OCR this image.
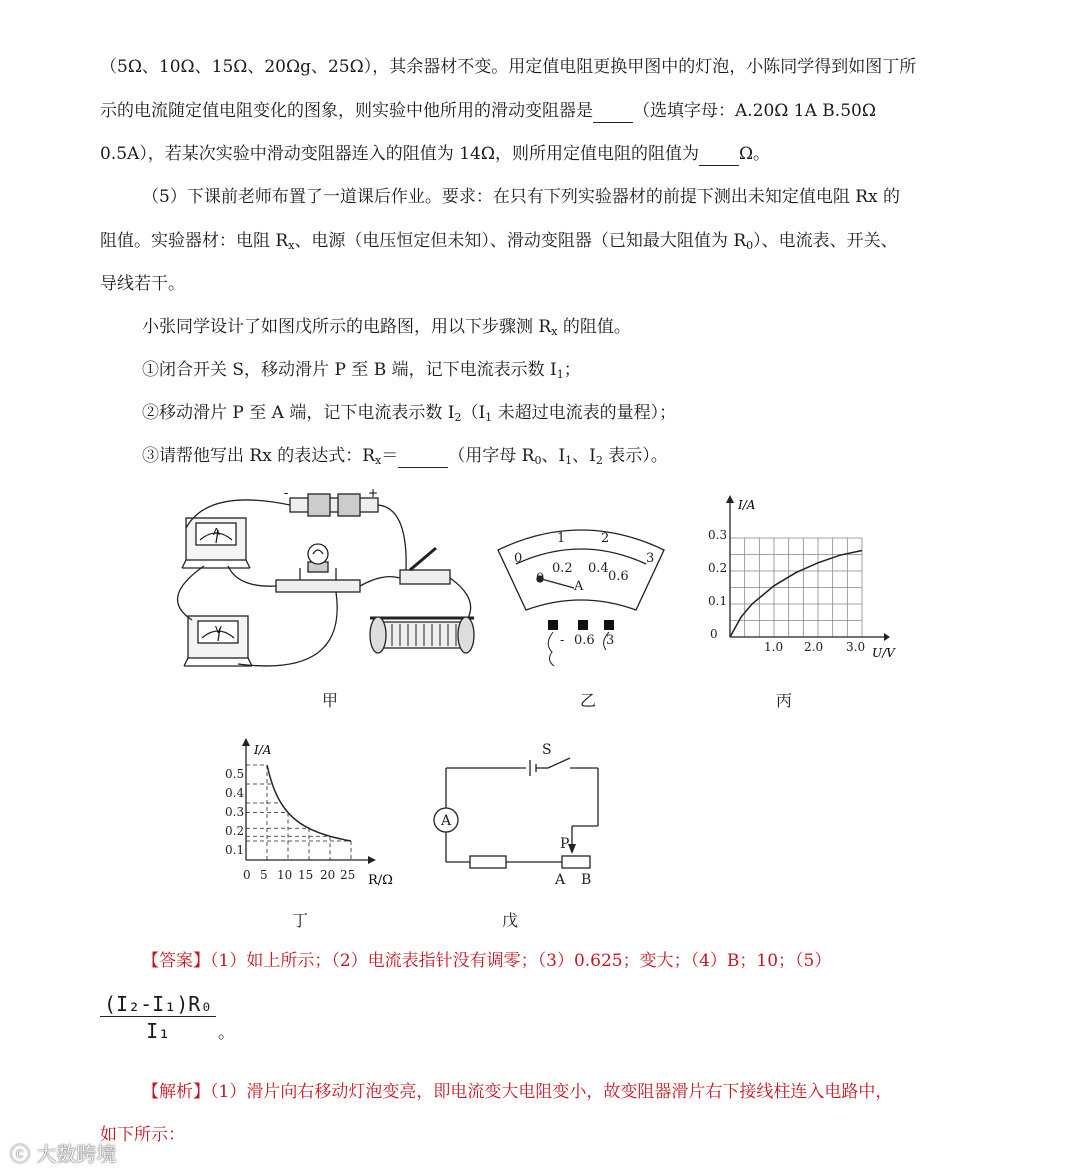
（5Ω、10Ω、15Ω、20Ωg、25Ω），其余器材不变。用定值电阻更换甲图中的灯泡，小陈同学得到如图丁所
示的电流随定值电阻变化的图象，则实验中他所用的滑动变阻器是 （选填字母：A.20Ω 1A B.50Ω
0.5A），若某次实验中滑动变阻器连入的阻值为 14Ω，则所用定值电阻的阻值为 Ω。
（5）下课前老师布置了一道课后作业。要求：在只有下列实验器材的前提下测出未知定值电阻 Rx 的
阻值。实验器材：电阻 $R_x$、电源（电压恒定但未知）、滑动变阻器（已知最大阻值为 $R_0$）、电流表、开关、
导线若干。
小张同学设计了如图戊所示的电路图，用以下步骤测 $R_x$ 的阻值。
①闭合开关 S，移动滑片 P 至 B 端，记下电流表示数 $I_1$；
②移动滑片 P 至 A 端，记下电流表示数 $I_2(I_1$ 未超过电流表的量程）；
③请帮他写出 Rx 的表达式：$R_x=$	（用字母 $R_0$、$I_1$、$I_2$ 表示）。
-	+
A
V
甲
0
1	2
3
0
0.2 0.4
0.6
A
- 0.6 3
乙
I/A
U/V
0.3
0.2
0.1
0
1.0 2.0 3.0
丙
I/A
R/Ω
0.5
0.4
0.3
0.2
0.1
0 5 10 15 20 25
丁
S
A
P
A B
戊
【答案】（1）如上所示；（2）电流表指针没有调零；（3）0.625；变大；（4）B；10；（5）
$\frac{\text{(I₂-I₁)R₀}}{\text{I₁}}$ 。
【解析】（1）滑片向右移动灯泡变亮，即电流变大电阻变小，故变阻器滑片右下接线柱连入电路中，
如下所示：
ⓒ 大数跨境
